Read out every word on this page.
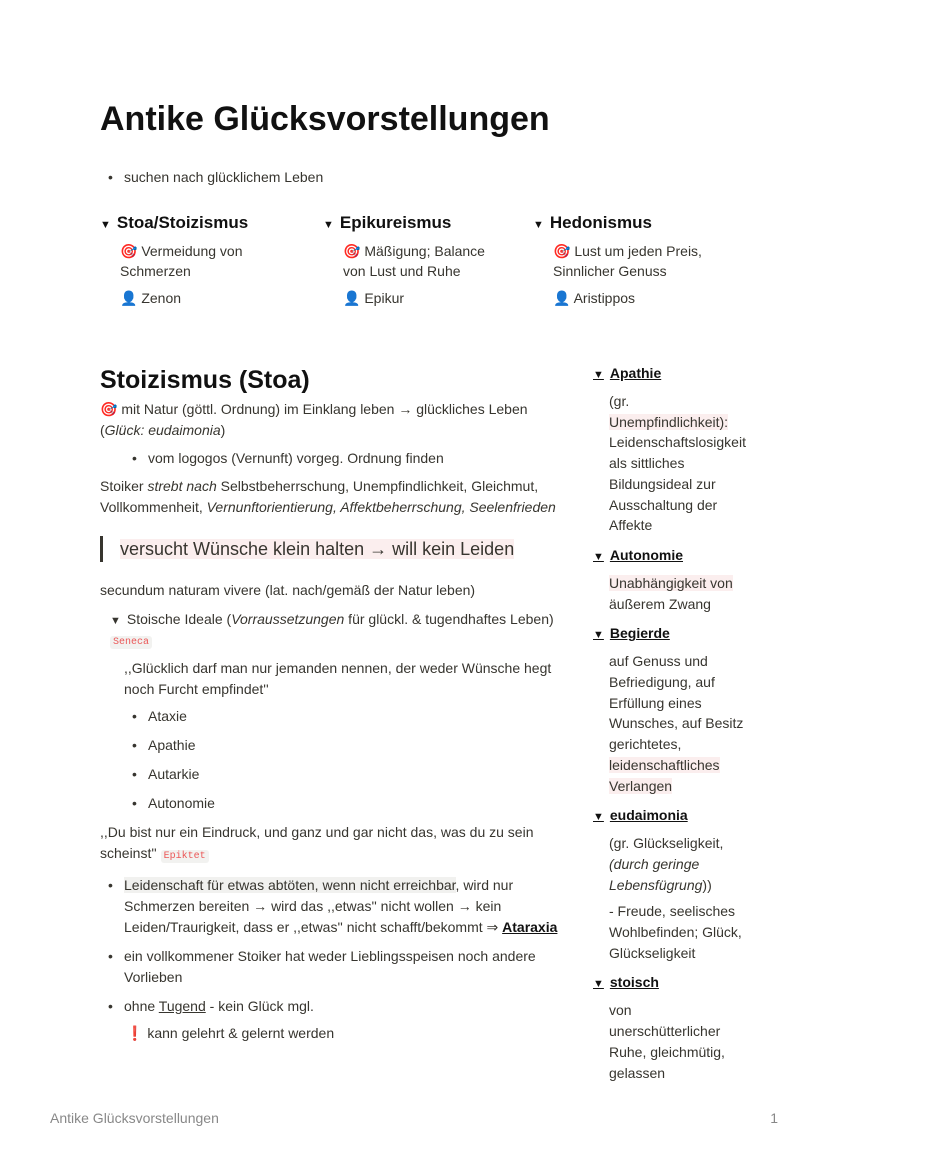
Antike Glücksvorstellungen
• suchen nach glücklichem Leben
▼ Stoa/Stoizismus
🎯 Vermeidung von
Schmerzen
👤 Zenon
▼ Epikureismus
🎯 Mäßigung; Balance
von Lust und Ruhe
👤 Epikur
▼ Hedonismus
🎯 Lust um jeden Preis,
Sinnlicher Genuss
👤 Aristippos
Stoizismus (Stoa)

🎯 mit Natur (göttl. Ordnung) im Einklang leben → glückliches Leben
(Glück: eudaimonia)

• vom logogos (Vernunft) vorgeg. Ordnung finden

Stoiker strebt nach Selbstbeherrschung, Unempfindlichkeit, Gleichmut, Vollkommenheit, Vernunftorientierung, Affektbeherrschung, Seelenfrieden

versucht Wünsche klein halten → will kein Leiden

secundum naturam vivere (lat. nach/gemäß der Natur leben)

▼ Stoische Ideale (Vorraussetzungen für glückl. & tugendhaftes Leben)
Seneca

,,Glücklich darf man nur jemanden nennen, der weder Wünsche hegt noch Furcht empfindet''

• Ataxie
• Apathie
• Autarkie
• Autonomie

,,Du bist nur ein Eindruck, und ganz und gar nicht das, was du zu sein scheinst'' Epiktet

• Leidenschaft für etwas abtöten, wenn nicht erreichbar, wird nur Schmerzen bereiten → wird das ,,etwas'' nicht wollen → kein Leiden/Traurigkeit, dass er ,,etwas'' nicht schafft/bekommt ⇒ Ataraxia
• ein vollkommener Stoiker hat weder Lieblingsspeisen noch andere Vorlieben
• ohne Tugend - kein Glück mgl.
❗ kann gelehrt & gelernt werden
▼ Apathie
(gr.
Unempfindlichkeit):
Leidenschaftslosigkeit
als sittliches
Bildungsideal zur
Ausschaltung der
Affekte
▼ Autonomie
Unabhängigkeit von
äußerem Zwang
▼ Begierde
auf Genuss und
Befriedigung, auf
Erfüllung eines
Wunsches, auf Besitz
gerichtetes,
leidenschaftliches
Verlangen
▼ eudaimonia
(gr. Glückseligkeit,
(durch geringe
Lebensfügrung))
- Freude, seelisches
Wohlbefinden; Glück,
Glückseligkeit
▼ stoisch
von
unerschütterlicher
Ruhe, gleichmütig,
gelassen
Antike Glücksvorstellungen	1
